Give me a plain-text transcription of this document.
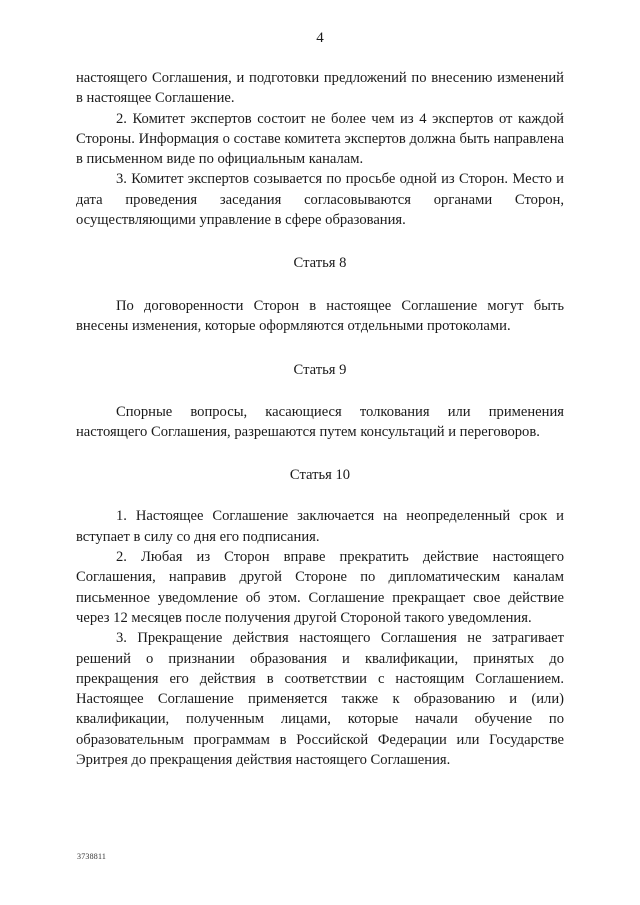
4

настоящего Соглашения, и подготовки предложений по внесению изменений в настоящее Соглашение.

2. Комитет экспертов состоит не более чем из 4 экспертов от каждой Стороны. Информация о составе комитета экспертов должна быть направлена в письменном виде по официальным каналам.

3. Комитет экспертов созывается по просьбе одной из Сторон. Место и дата проведения заседания согласовываются органами Сторон, осуществляющими управление в сфере образования.

Статья 8

По договоренности Сторон в настоящее Соглашение могут быть внесены изменения, которые оформляются отдельными протоколами.

Статья 9

Спорные вопросы, касающиеся толкования или применения настоящего Соглашения, разрешаются путем консультаций и переговоров.

Статья 10

1. Настоящее Соглашение заключается на неопределенный срок и вступает в силу со дня его подписания.

2. Любая из Сторон вправе прекратить действие настоящего Соглашения, направив другой Стороне по дипломатическим каналам письменное уведомление об этом. Соглашение прекращает свое действие через 12 месяцев после получения другой Стороной такого уведомления.

3. Прекращение действия настоящего Соглашения не затрагивает решений о признании образования и квалификации, принятых до прекращения его действия в соответствии с настоящим Соглашением. Настоящее Соглашение применяется также к образованию и (или) квалификации, полученным лицами, которые начали обучение по образовательным программам в Российской Федерации или Государстве Эритрея до прекращения действия настоящего Соглашения.

3738811
